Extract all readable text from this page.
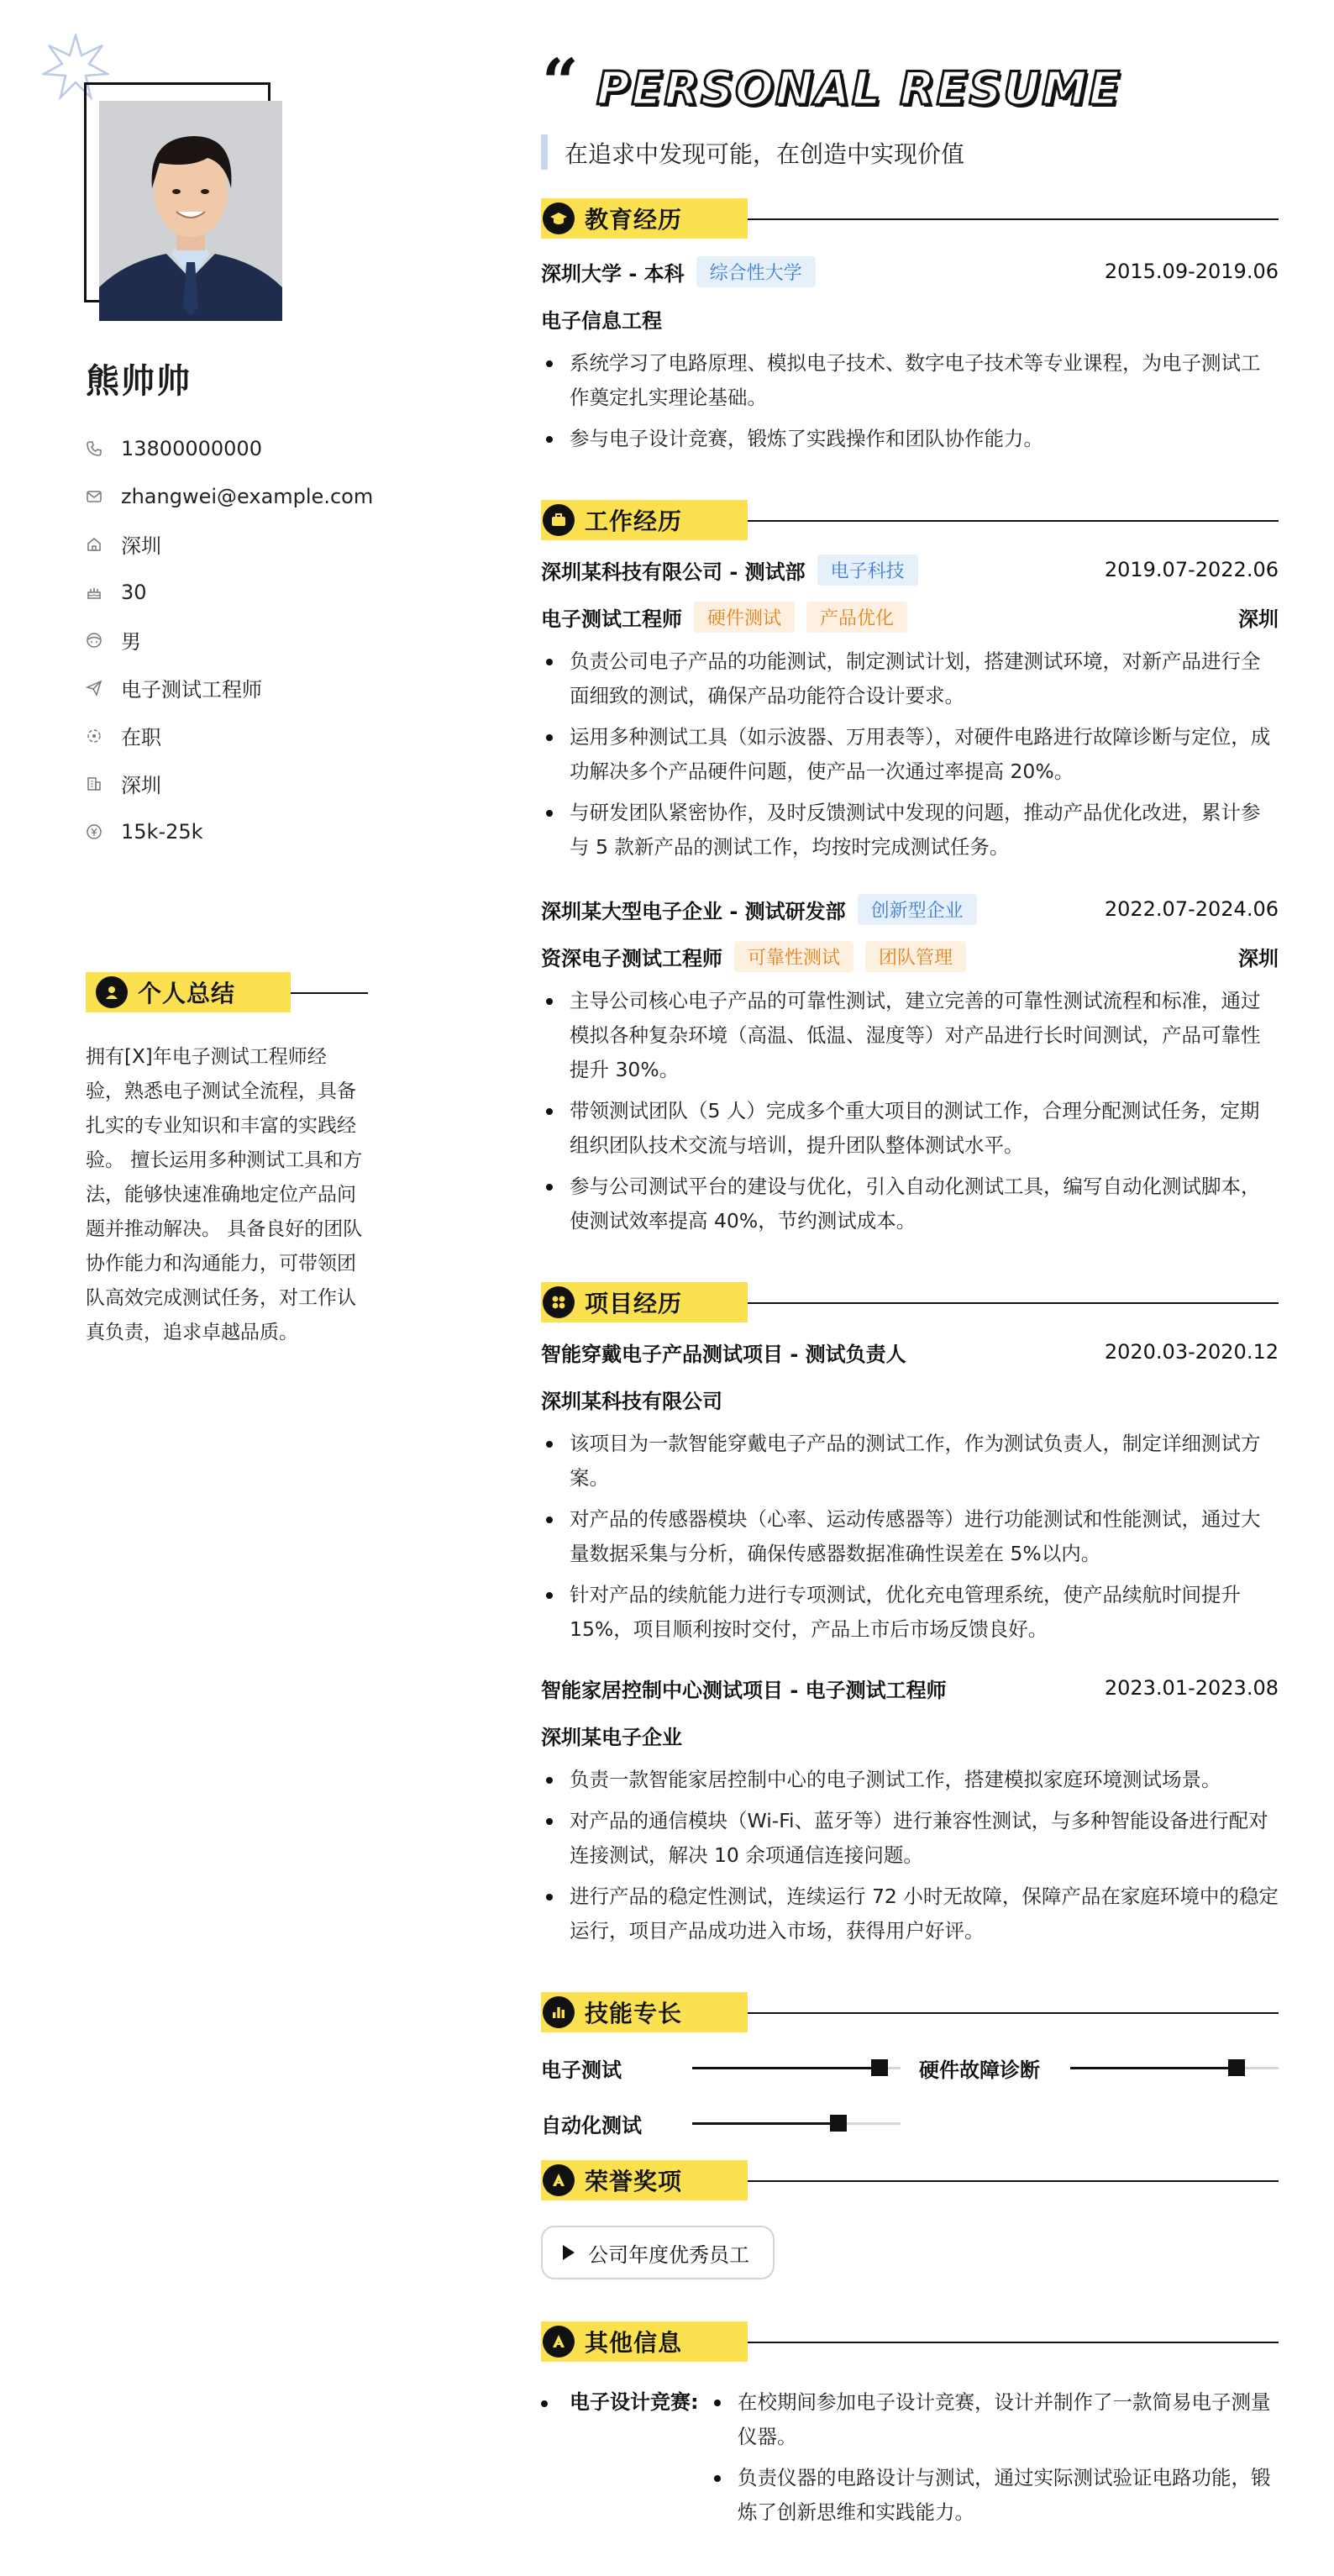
熊帅帅
13800000000
zhangwei@example.com
深圳
30
男
电子测试工程师
在职
深圳
15k-25k
个人总结
拥有[X]年电子测试工程师经验，熟悉电子测试全流程，具备扎实的专业知识和丰富的实践经验。 擅长运用多种测试工具和方法，能够快速准确地定位产品问题并推动解决。 具备良好的团队协作能力和沟通能力，可带领团队高效完成测试任务，对工作认真负责，追求卓越品质。
“ PERSONAL RESUME
在追求中发现可能，在创造中实现价值
教育经历
深圳大学 - 本科	综合性大学	2015.09-2019.06
电子信息工程
系统学习了电路原理、模拟电子技术、数字电子技术等专业课程，为电子测试工作奠定扎实理论基础。
参与电子设计竞赛，锻炼了实践操作和团队协作能力。
工作经历
深圳某科技有限公司 - 测试部	电子科技	2019.07-2022.06
电子测试工程师	硬件测试	产品优化	深圳
负责公司电子产品的功能测试，制定测试计划，搭建测试环境，对新产品进行全面细致的测试，确保产品功能符合设计要求。
运用多种测试工具（如示波器、万用表等），对硬件电路进行故障诊断与定位，成功解决多个产品硬件问题，使产品一次通过率提高 20%。
与研发团队紧密协作，及时反馈测试中发现的问题，推动产品优化改进，累计参与 5 款新产品的测试工作，均按时完成测试任务。
深圳某大型电子企业 - 测试研发部	创新型企业	2022.07-2024.06
资深电子测试工程师	可靠性测试	团队管理	深圳
主导公司核心电子产品的可靠性测试，建立完善的可靠性测试流程和标准，通过模拟各种复杂环境（高温、低温、湿度等）对产品进行长时间测试，产品可靠性提升 30%。
带领测试团队（5 人）完成多个重大项目的测试工作，合理分配测试任务，定期组织团队技术交流与培训，提升团队整体测试水平。
参与公司测试平台的建设与优化，引入自动化测试工具，编写自动化测试脚本，使测试效率提高 40%，节约测试成本。
项目经历
智能穿戴电子产品测试项目 - 测试负责人	2020.03-2020.12
深圳某科技有限公司
该项目为一款智能穿戴电子产品的测试工作，作为测试负责人，制定详细测试方案。
对产品的传感器模块（心率、运动传感器等）进行功能测试和性能测试，通过大量数据采集与分析，确保传感器数据准确性误差在 5%以内。
针对产品的续航能力进行专项测试，优化充电管理系统，使产品续航时间提升 15%，项目顺利按时交付，产品上市后市场反馈良好。
智能家居控制中心测试项目 - 电子测试工程师	2023.01-2023.08
深圳某电子企业
负责一款智能家居控制中心的电子测试工作，搭建模拟家庭环境测试场景。
对产品的通信模块（Wi-Fi、蓝牙等）进行兼容性测试，与多种智能设备进行配对连接测试，解决 10 余项通信连接问题。
进行产品的稳定性测试，连续运行 72 小时无故障，保障产品在家庭环境中的稳定运行，项目产品成功进入市场，获得用户好评。
技能专长
电子测试	硬件故障诊断
自动化测试
荣誉奖项
公司年度优秀员工
其他信息
电子设计竞赛:	在校期间参加电子设计竞赛，设计并制作了一款简易电子测量仪器。
负责仪器的电路设计与测试，通过实际测试验证电路功能，锻炼了创新思维和实践能力。
